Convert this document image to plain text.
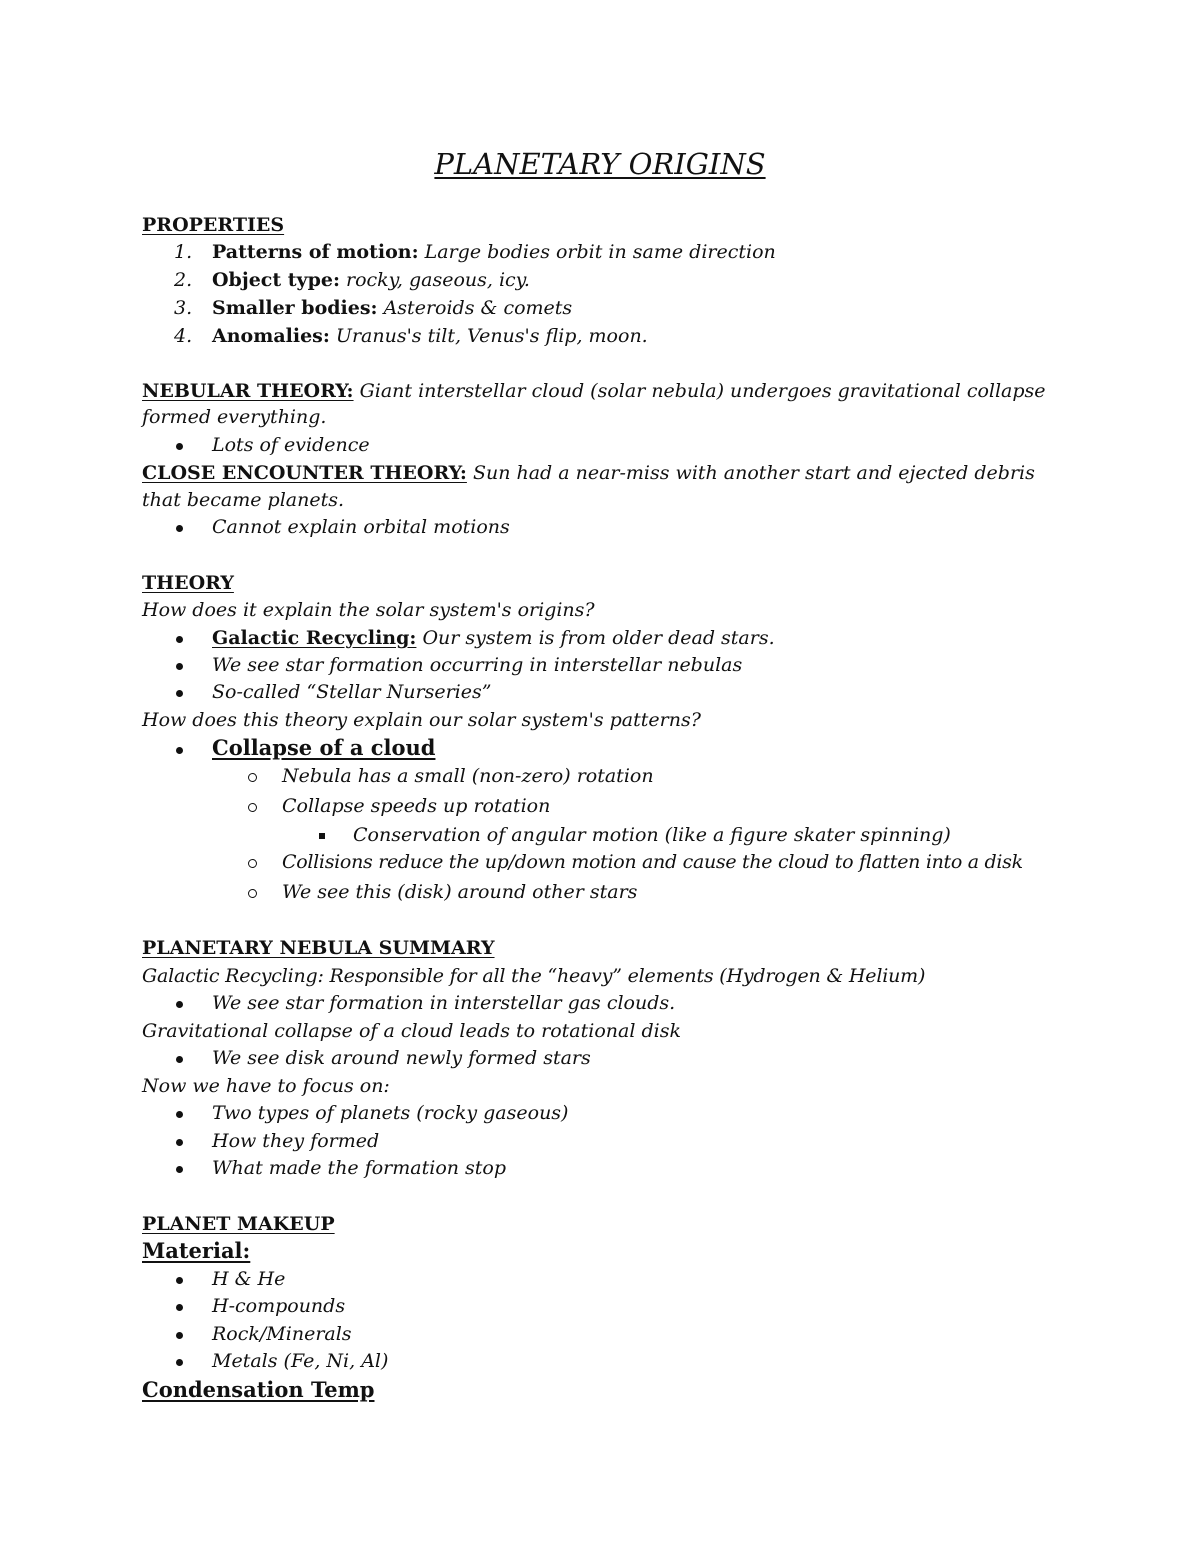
PLANETARY ORIGINS
PROPERTIES
1. Patterns of motion: Large bodies orbit in same direction
2. Object type: rocky, gaseous, icy.
3. Smaller bodies: Asteroids & comets
4. Anomalies: Uranus's tilt, Venus's flip, moon.
NEBULAR THEORY: Giant interstellar cloud (solar nebula) undergoes gravitational collapse
formed everything.
Lots of evidence
CLOSE ENCOUNTER THEORY: Sun had a near-miss with another start and ejected debris
that became planets.
Cannot explain orbital motions
THEORY
How does it explain the solar system's origins?
Galactic Recycling: Our system is from older dead stars.
We see star formation occurring in interstellar nebulas
So-called “Stellar Nurseries”
How does this theory explain our solar system's patterns?
Collapse of a cloud
Nebula has a small (non-zero) rotation
Collapse speeds up rotation
Conservation of angular motion (like a figure skater spinning)
Collisions reduce the up/down motion and cause the cloud to flatten into a disk
We see this (disk) around other stars
PLANETARY NEBULA SUMMARY
Galactic Recycling: Responsible for all the “heavy” elements (Hydrogen & Helium)
We see star formation in interstellar gas clouds.
Gravitational collapse of a cloud leads to rotational disk
We see disk around newly formed stars
Now we have to focus on:
Two types of planets (rocky gaseous)
How they formed
What made the formation stop
PLANET MAKEUP
Material:
H & He
H-compounds
Rock/Minerals
Metals (Fe, Ni, Al)
Condensation Temp
